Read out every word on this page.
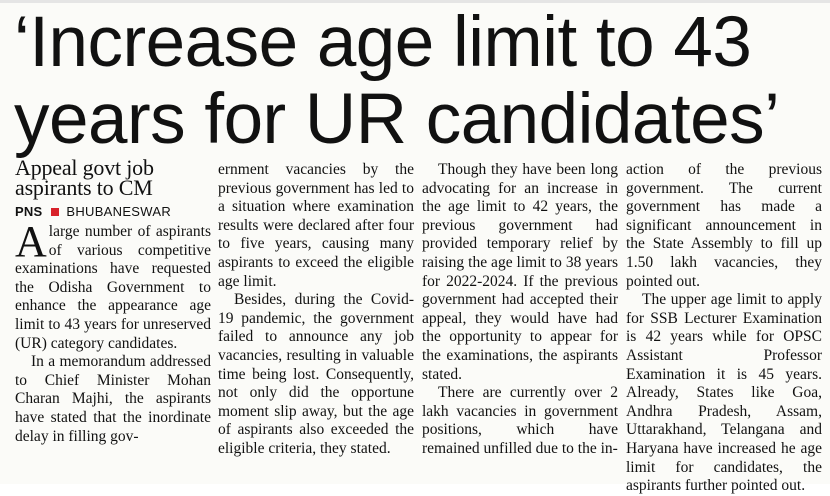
‘Increase age limit to 43
years for UR candidates’
Appeal govt job
aspirants to CM
PNS BHUBANESWAR

Alarge number of aspirants of various competitive examinations have requested the Odisha Government to enhance the appearance age limit to 43 years for unreserved (UR) category candidates.

In a memorandum addressed to Chief Minister Mohan Charan Majhi, the aspirants have stated that the inordinate delay in filling gov-

ernment vacancies by the previous government has led to a situation where examination results were declared after four to five years, causing many aspirants to exceed the eligible age limit.

Besides, during the Covid-19 pandemic, the government failed to announce any job vacancies, resulting in valuable time being lost. Consequently, not only did the opportune moment slip away, but the age of aspirants also exceeded the eligible criteria, they stated.

Though they have been long advocating for an increase in the age limit to 42 years, the previous government had provided temporary relief by raising the age limit to 38 years for 2022-2024. If the previous government had accepted their appeal, they would have had the opportunity to appear for the examinations, the aspirants stated.

There are currently over 2 lakh vacancies in government positions, which have remained unfilled due to the in-

action of the previous government. The current government has made a significant announcement in the State Assembly to fill up 1.50 lakh vacancies, they pointed out.

The upper age limit to apply for SSB Lecturer Examination is 42 years while for OPSC Assistant Professor Examination it is 45 years. Already, States like Goa, Andhra Pradesh, Assam, Uttarakhand, Telangana and Haryana have increased he age limit for candidates, the aspirants further pointed out.
